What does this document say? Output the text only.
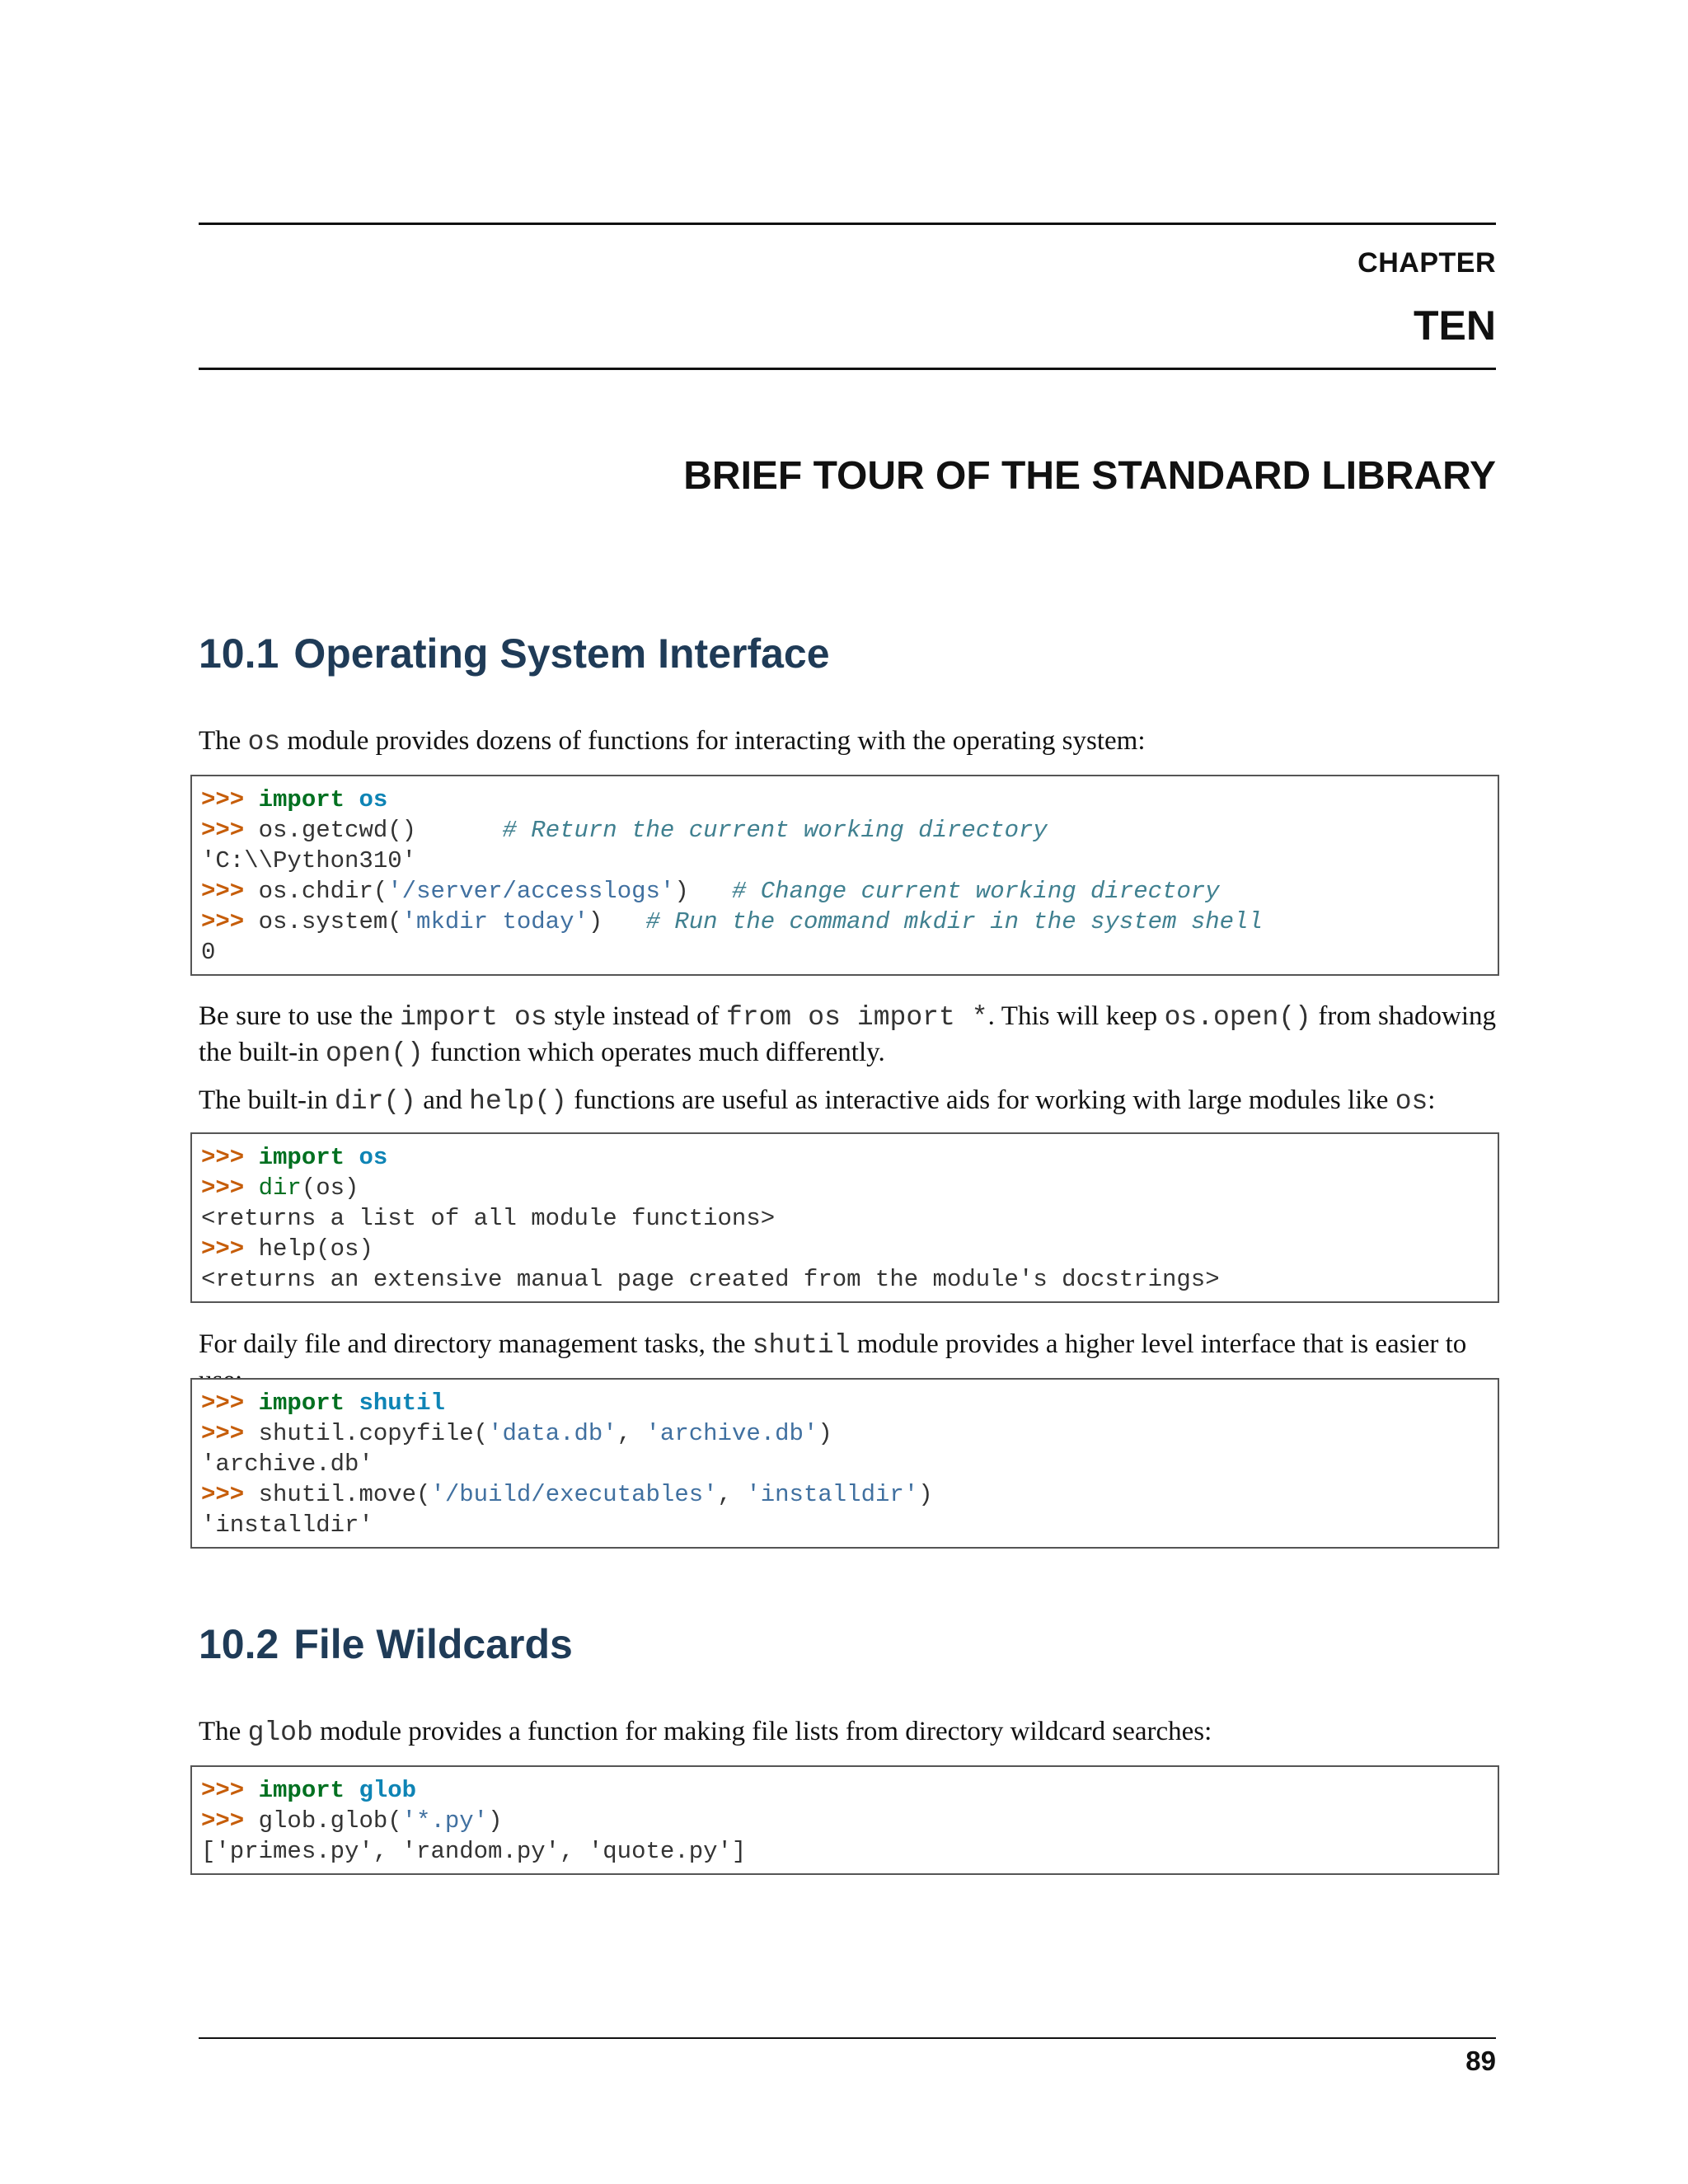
CHAPTER
TEN
BRIEF TOUR OF THE STANDARD LIBRARY
10.1 Operating System Interface

The os module provides dozens of functions for interacting with the operating system:

>>> import os
>>> os.getcwd()      # Return the current working directory
'C:\\Python310'
>>> os.chdir('/server/accesslogs')   # Change current working directory
>>> os.system('mkdir today')   # Run the command mkdir in the system shell
0

Be sure to use the import os style instead of from os import *. This will keep os.open() from shadowing the built-in open() function which operates much differently.

The built-in dir() and help() functions are useful as interactive aids for working with large modules like os:

>>> import os
>>> dir(os)
<returns a list of all module functions>
>>> help(os)
<returns an extensive manual page created from the module's docstrings>

For daily file and directory management tasks, the shutil module provides a higher level interface that is easier to

>>> import shutil
>>> shutil.copyfile('data.db', 'archive.db')
'archive.db'
>>> shutil.move('/build/executables', 'installdir')
'installdir'
10.2 File Wildcards

The glob module provides a function for making file lists from directory wildcard searches:

>>> import glob
>>> glob.glob('*.py')
['primes.py', 'random.py', 'quote.py']
89
